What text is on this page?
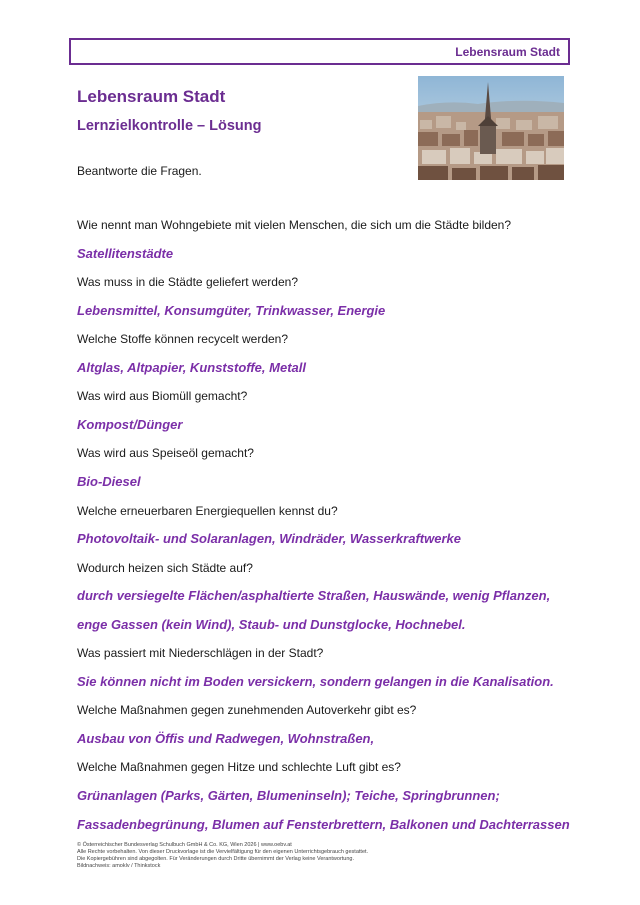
Lebensraum Stadt
Lebensraum Stadt
Lernzielkontrolle – Lösung
Beantworte die Fragen.
Wie nennt man Wohngebiete mit vielen Menschen, die sich um die Städte bilden?
Satellitenstädte
Was muss in die Städte geliefert werden?
Lebensmittel, Konsumgüter, Trinkwasser, Energie
Welche Stoffe können recycelt werden?
Altglas, Altpapier, Kunststoffe, Metall
Was wird aus Biomüll gemacht?
Kompost/Dünger
Was wird aus Speiseöl gemacht?
Bio-Diesel
Welche erneuerbaren Energiequellen kennst du?
Photovoltaik- und Solaranlagen, Windräder, Wasserkraftwerke
Wodurch heizen sich Städte auf?
durch versiegelte Flächen/asphaltierte Straßen, Hauswände, wenig Pflanzen,
enge Gassen (kein Wind), Staub- und Dunstglocke, Hochnebel.
Was passiert mit Niederschlägen in der Stadt?
Sie können nicht im Boden versickern, sondern gelangen in die Kanalisation.
Welche Maßnahmen gegen zunehmenden Autoverkehr gibt es?
Ausbau von Öffis und Radwegen, Wohnstraßen,
Welche Maßnahmen gegen Hitze und schlechte Luft gibt es?
Grünanlagen (Parks, Gärten, Blumeninseln); Teiche, Springbrunnen;
Fassadenbegrünung, Blumen auf Fensterbrettern, Balkonen und Dachterrassen
© Österreichischer Bundesverlag Schulbuch GmbH & Co. KG, Wien 2026 | www.oebv.at
Alle Rechte vorbehalten. Von dieser Druckvorlage ist die Vervielfältigung für den eigenen Unterrichtsgebrauch gestattet.
Die Kopiergebühren sind abgegolten. Für Veränderungen durch Dritte übernimmt der Verlag keine Verantwortung.
Bildnachweis: amoklv / Thinkstock
